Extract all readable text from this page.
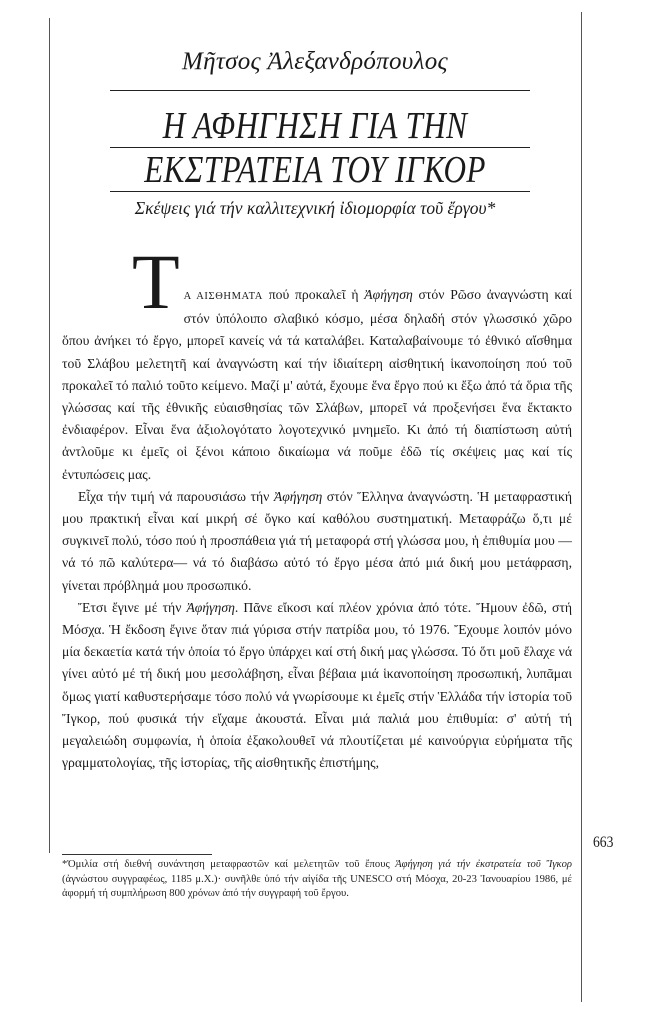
Μῆτσος Ἀλεξανδρόπουλος
Η ΑΦΗΓΗΣΗ ΓΙΑ ΤΗΝ
ΕΚΣΤΡΑΤΕΙΑ ΤΟΥ ΙΓΚΟΡ
Σκέψεις γιά τήν καλλιτεχνική ἰδιομορφία τοῦ ἔργου*

Τ Α ΑΙΣΘΗΜΑΤΑ πού προκαλεῖ ἡ Ἀφήγηση στόν Ρῶσο ἀναγνώστη καί στόν ὑπόλοιπο σλαβικό κόσμο, μέσα δηλαδή στόν γλωσσικό χῶρο ὅπου ἀνήκει τό ἔργο, μπορεῖ κανείς νά τά καταλάβει. Καταλαβαίνουμε τό ἐθνικό αἴσθημα τοῦ Σλάβου μελετητῆ καί ἀναγνώστη καί τήν ἰδιαίτερη αἰσθητική ἱκανοποίηση πού τοῦ προκαλεῖ τό παλιό τοῦτο κείμενο. Μαζί μ' αὐτά, ἔχουμε ἕνα ἔργο πού κι ἔξω ἀπό τά ὅρια τῆς γλώσσας καί τῆς ἐθνικῆς εὐαισθησίας τῶν Σλάβων, μπορεῖ νά προξενήσει ἕνα ἔκτακτο ἐνδιαφέρον. Εἶναι ἕνα ἀξιολογότατο λογοτεχνικό μνημεῖο. Κι ἀπό τή διαπίστωση αὐτή ἀντλοῦμε κι ἐμεῖς οἱ ξένοι κάποιο δικαίωμα νά ποῦμε ἐδῶ τίς σκέψεις μας καί τίς ἐντυπώσεις μας.

Εἶχα τήν τιμή νά παρουσιάσω τήν Ἀφήγηση στόν Ἕλληνα ἀναγνώστη. Ἡ μεταφραστική μου πρακτική εἶναι καί μικρή σέ ὄγκο καί καθόλου συστηματική. Μεταφράζω ὅ,τι μέ συγκινεῖ πολύ, τόσο πού ἡ προσπάθεια γιά τή μεταφορά στή γλώσσα μου, ἡ ἐπιθυμία μου —νά τό πῶ καλύτερα— νά τό διαβάσω αὐτό τό ἔργο μέσα ἀπό μιά δική μου μετάφραση, γίνεται πρόβλημά μου προσωπικό.

Ἔτσι ἔγινε μέ τήν Ἀφήγηση. Πᾶνε εἴκοσι καί πλέον χρόνια ἀπό τότε. Ἤμουν ἐδῶ, στή Μόσχα. Ἡ ἔκδοση ἔγινε ὅταν πιά γύρισα στήν πατρίδα μου, τό 1976. Ἔχουμε λοιπόν μόνο μία δεκαετία κατά τήν ὁποία τό ἔργο ὑπάρχει καί στή δική μας γλώσσα. Τό ὅτι μοῦ ἔλαχε νά γίνει αὐτό μέ τή δική μου μεσολάβηση, εἶναι βέβαια μιά ἱκανοποίηση προσωπική, λυπᾶμαι ὅμως γιατί καθυστερήσαμε τόσο πολύ νά γνωρίσουμε κι ἐμεῖς στήν Ἑλλάδα τήν ἱστορία τοῦ Ἴγκορ, πού φυσικά τήν εἴχαμε ἀκουστά. Εἶναι μιά παλιά μου ἐπιθυμία: σ' αὐτή τή μεγαλειώδη συμφωνία, ἡ ὁποία ἐξακολουθεῖ νά πλουτίζεται μέ καινούργια εὑρήματα τῆς γραμματολογίας, τῆς ἱστορίας, τῆς αἰσθητικῆς ἐπιστήμης,

*Ὁμιλία στή διεθνή συνάντηση μεταφραστῶν καί μελετητῶν τοῦ ἔπους Ἀφήγηση γιά τήν ἐκστρατεία τοῦ Ἴγκορ (ἀγνώστου συγγραφέως, 1185 μ.Χ.)· συνῆλθε ὑπό τήν αἰγίδα τῆς UNESCO στή Μόσχα, 20-23 Ἰανουαρίου 1986, μέ ἀφορμή τή συμπλήρωση 800 χρόνων ἀπό τήν συγγραφή τοῦ ἔργου.
663
